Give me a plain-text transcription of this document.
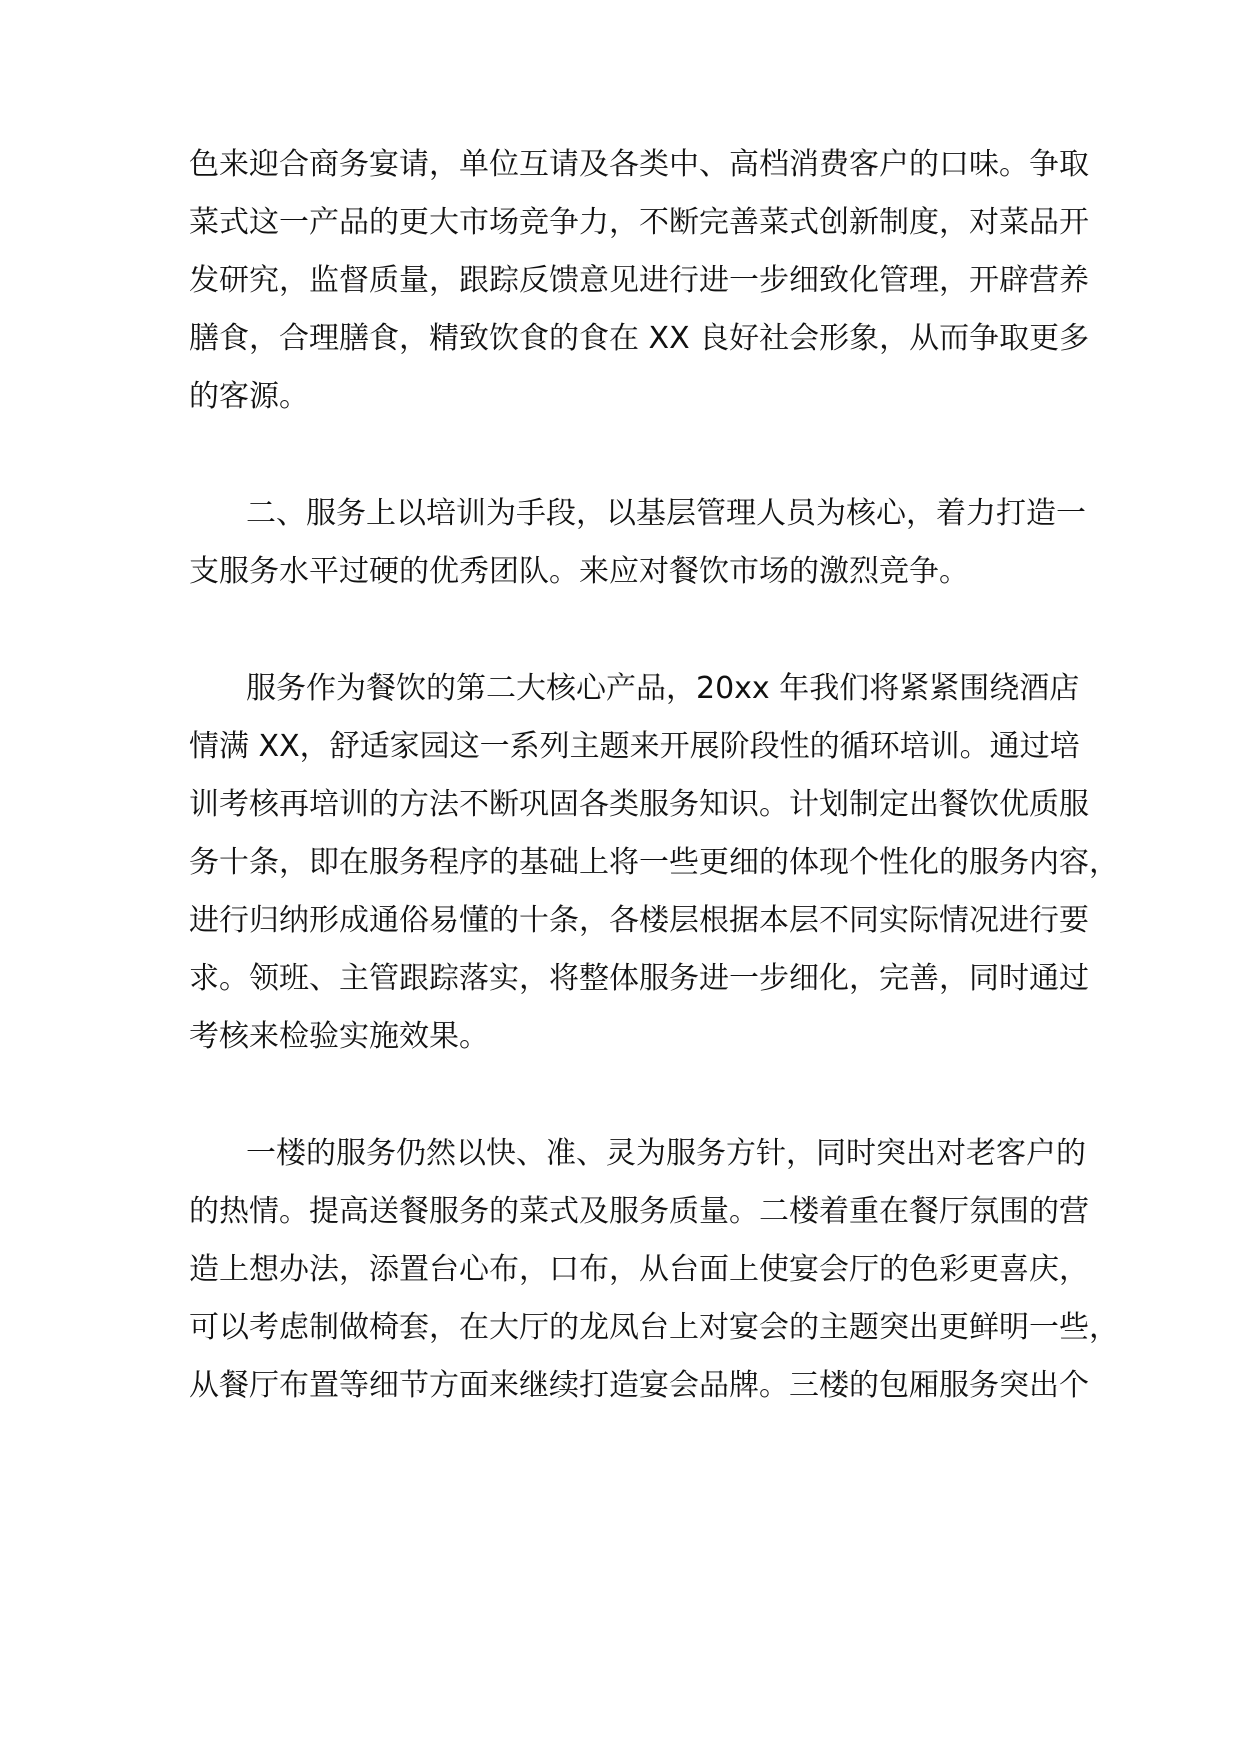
色来迎合商务宴请，单位互请及各类中、高档消费客户的口味。争取

菜式这一产品的更大市场竞争力，不断完善菜式创新制度，对菜品开

发研究，监督质量，跟踪反馈意见进行进一步细致化管理，开辟营养

膳食，合理膳食，精致饮食的食在 XX 良好社会形象，从而争取更多

的客源。

二、服务上以培训为手段，以基层管理人员为核心，着力打造一

支服务水平过硬的优秀团队。来应对餐饮市场的激烈竞争。

服务作为餐饮的第二大核心产品，20xx 年我们将紧紧围绕酒店

情满 XX，舒适家园这一系列主题来开展阶段性的循环培训。通过培

训考核再培训的方法不断巩固各类服务知识。计划制定出餐饮优质服

务十条，即在服务程序的基础上将一些更细的体现个性化的服务内容，

进行归纳形成通俗易懂的十条，各楼层根据本层不同实际情况进行要

求。领班、主管跟踪落实，将整体服务进一步细化，完善，同时通过

考核来检验实施效果。

一楼的服务仍然以快、准、灵为服务方针，同时突出对老客户的

的热情。提高送餐服务的菜式及服务质量。二楼着重在餐厅氛围的营

造上想办法，添置台心布，口布，从台面上使宴会厅的色彩更喜庆，

可以考虑制做椅套，在大厅的龙凤台上对宴会的主题突出更鲜明一些，

从餐厅布置等细节方面来继续打造宴会品牌。三楼的包厢服务突出个
